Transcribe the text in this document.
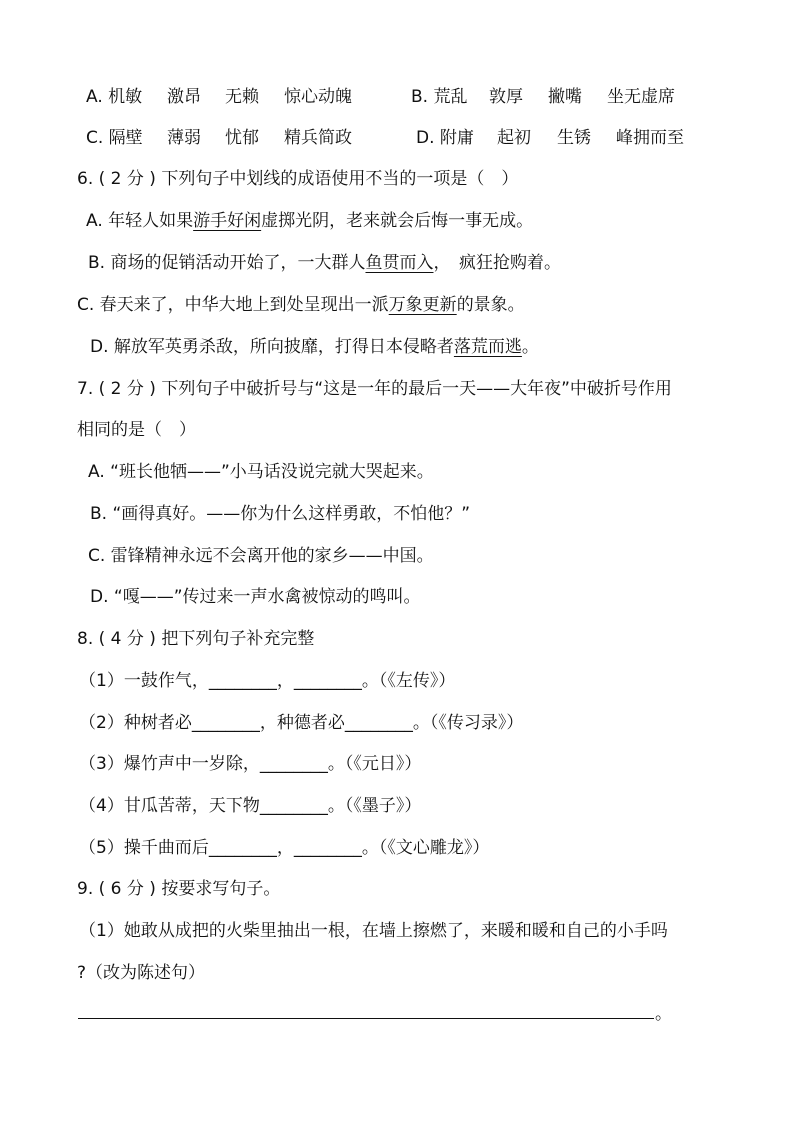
A. 机敏 激昂 无赖 惊心动魄	B. 荒乱 敦厚 撇嘴 坐无虚席
C. 隔壁 薄弱 忧郁 精兵简政	D. 附庸 起初 生锈 峰拥而至
6. ( 2 分 ) 下列句子中划线的成语使用不当的一项是（　）
A. 年轻人如果游手好闲虚掷光阴，老来就会后悔一事无成。
B. 商场的促销活动开始了，一大群人鱼贯而入，　疯狂抢购着。
C. 春天来了，中华大地上到处呈现出一派万象更新的景象。
D. 解放军英勇杀敌，所向披靡，打得日本侵略者落荒而逃。
7. ( 2 分 ) 下列句子中破折号与“这是一年的最后一天——大年夜”中破折号作用
相同的是（　）
A. “班长他牺——”小马话没说完就大哭起来。
B. “画得真好。——你为什么这样勇敢，不怕他？”
C. 雷锋精神永远不会离开他的家乡——中国。
D. “嘎——”传过来一声水禽被惊动的鸣叫。
8. ( 4 分 ) 把下列句子补充完整
（1）一鼓作气，________，________。（《左传》）
（2）种树者必________，种德者必________。（《传习录》）
（3）爆竹声中一岁除，________。（《元日》）
（4）甘瓜苦蒂，天下物________。（《墨子》）
（5）操千曲而后________，________。（《文心雕龙》）
9. ( 6 分 ) 按要求写句子。
（1）她敢从成把的火柴里抽出一根，在墙上擦燃了，来暖和暖和自己的小手吗
?（改为陈述句）
。
